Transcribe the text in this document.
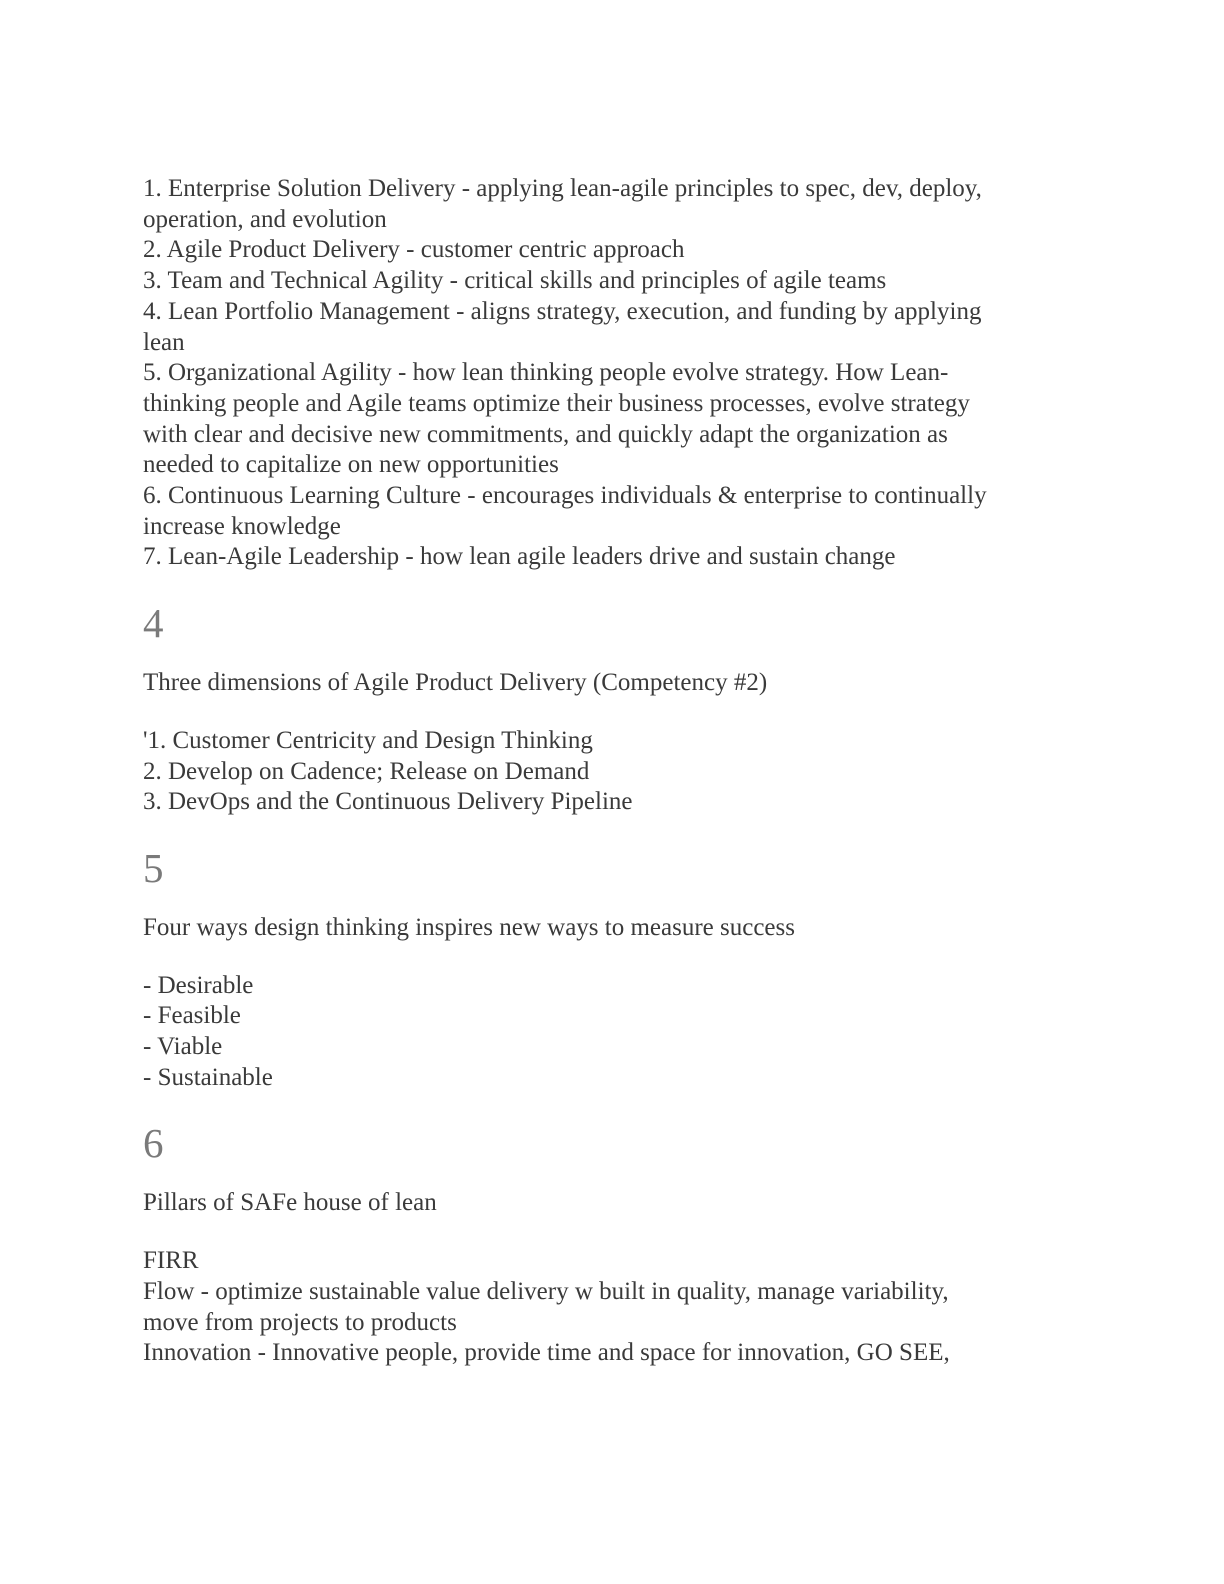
1. Enterprise Solution Delivery - applying lean-agile principles to spec, dev, deploy,
operation, and evolution
2. Agile Product Delivery - customer centric approach
3. Team and Technical Agility - critical skills and principles of agile teams
4. Lean Portfolio Management - aligns strategy, execution, and funding by applying
lean
5. Organizational Agility - how lean thinking people evolve strategy. How Lean-
thinking people and Agile teams optimize their business processes, evolve strategy
with clear and decisive new commitments, and quickly adapt the organization as
needed to capitalize on new opportunities
6. Continuous Learning Culture - encourages individuals & enterprise to continually
increase knowledge
7. Lean-Agile Leadership - how lean agile leaders drive and sustain change
4
Three dimensions of Agile Product Delivery (Competency #2)
'1. Customer Centricity and Design Thinking
2. Develop on Cadence; Release on Demand
3. DevOps and the Continuous Delivery Pipeline
5
Four ways design thinking inspires new ways to measure success
- Desirable
- Feasible
- Viable
- Sustainable
6
Pillars of SAFe house of lean
FIRR
Flow - optimize sustainable value delivery w built in quality, manage variability,
move from projects to products
Innovation - Innovative people, provide time and space for innovation, GO SEE,
